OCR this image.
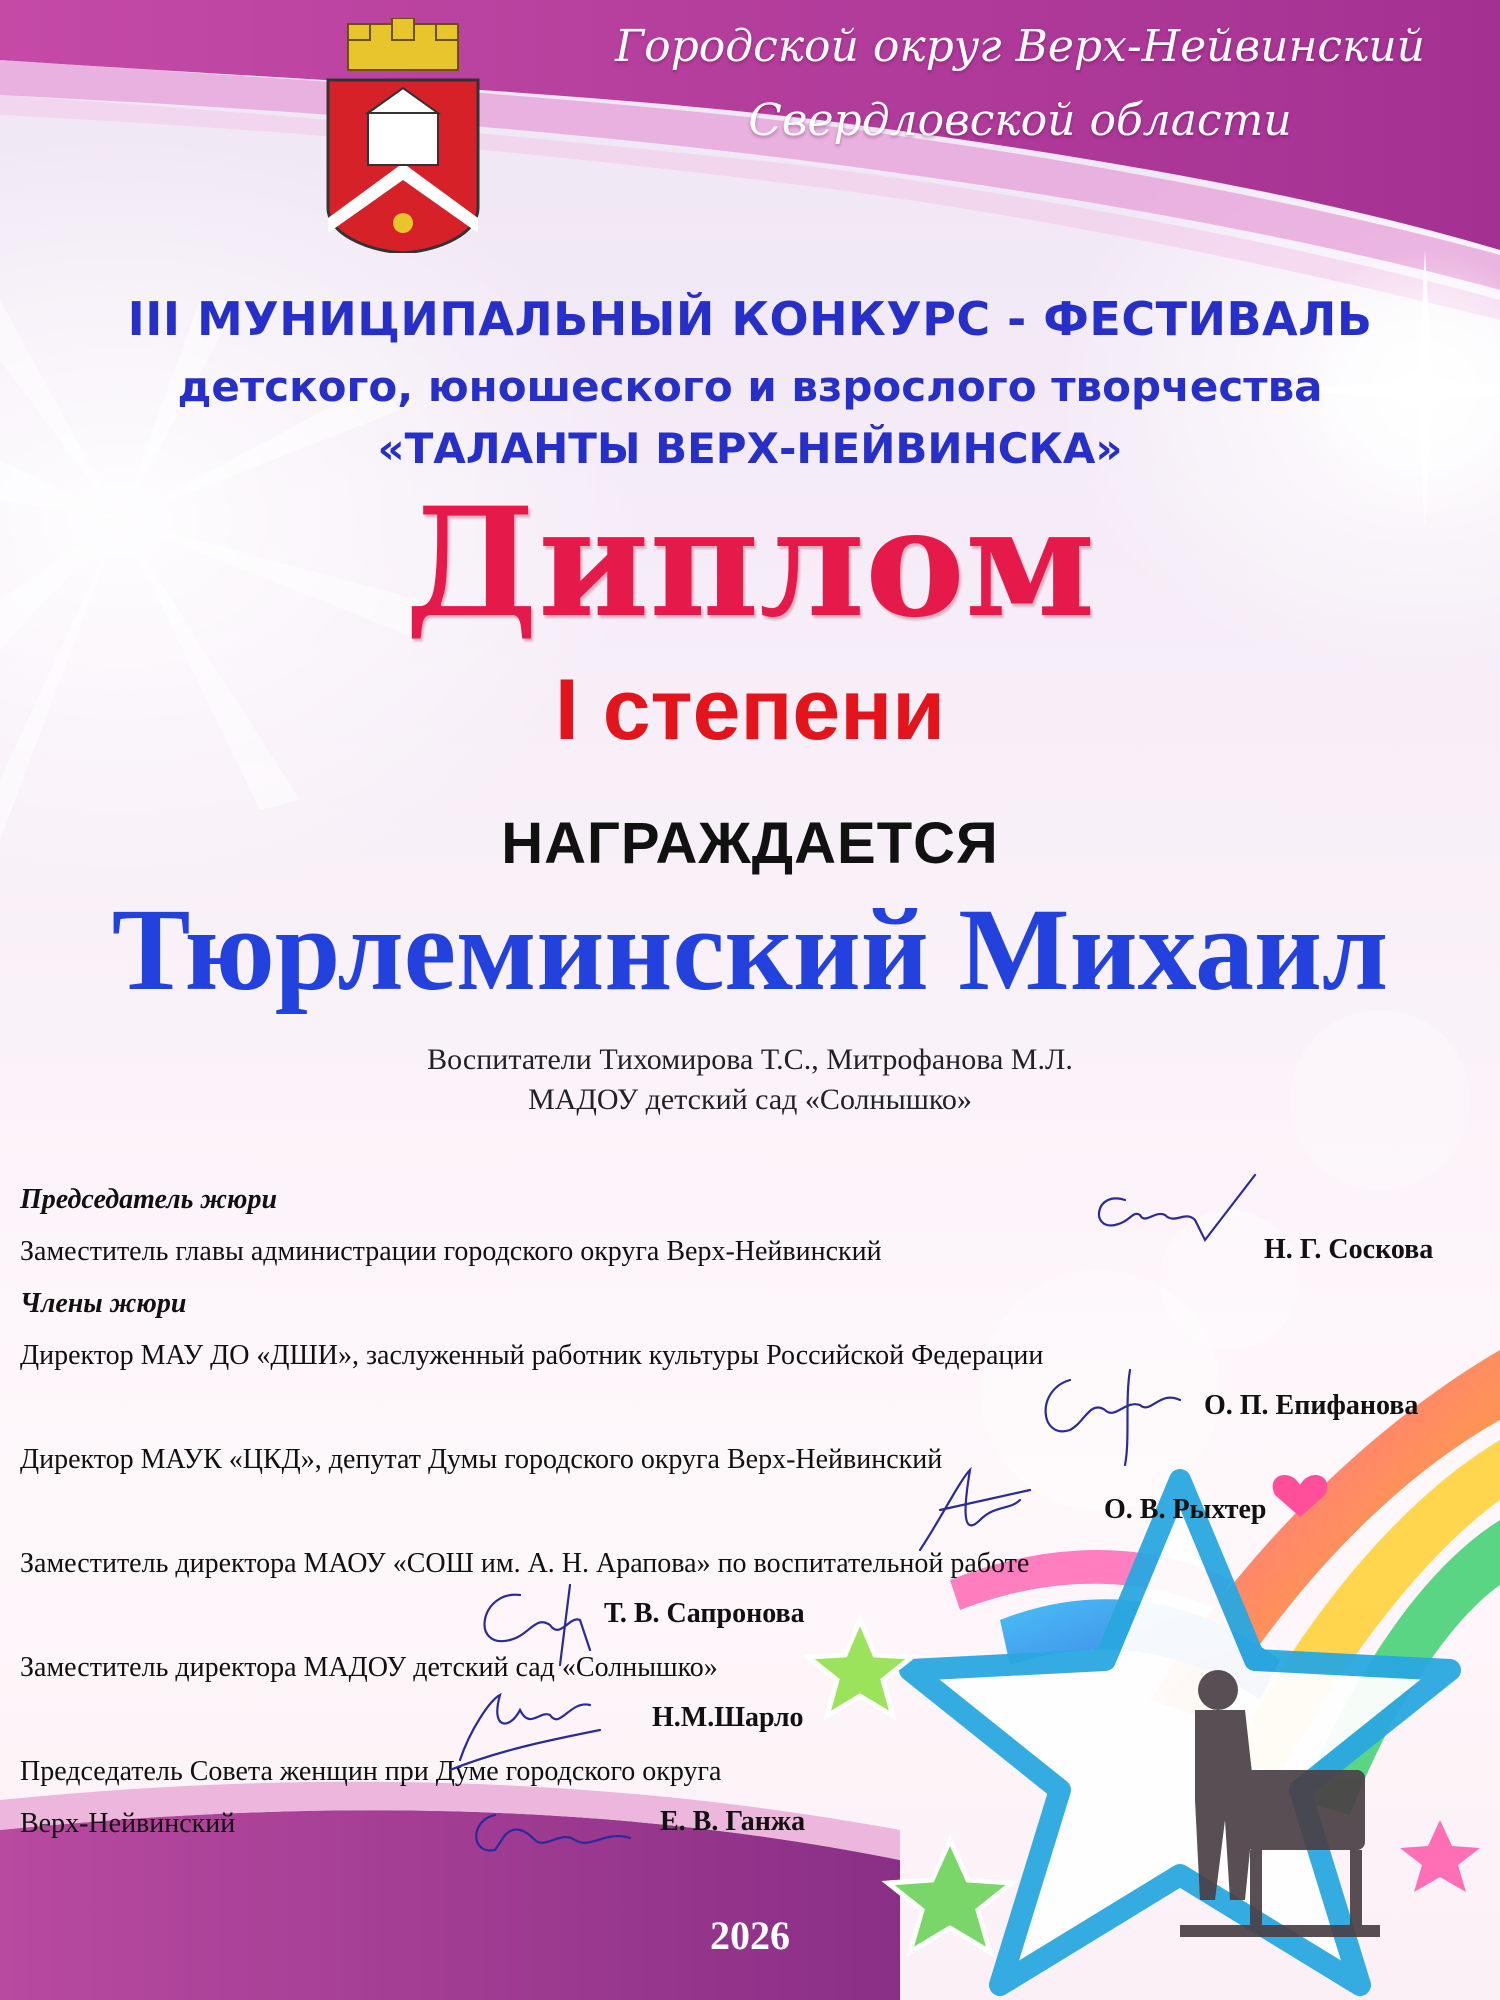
Городской округ Верх-Нейвинский
Свердловской области
III МУНИЦИПАЛЬНЫЙ КОНКУРС - ФЕСТИВАЛЬ
детского, юношеского и взрослого творчества
«ТАЛАНТЫ ВЕРХ-НЕЙВИНСКА»
Диплом
I степени
НАГРАЖДАЕТСЯ
Тюрлеминский Михаил
Воспитатели Тихомирова Т.С., Митрофанова М.Л.
МАДОУ детский сад «Солнышко»
Председатель жюри
Заместитель главы администрации городского округа Верх-Нейвинский	Н. Г. Соскова
Члены жюри
Директор МАУ ДО «ДШИ», заслуженный работник культуры Российской Федерации
О. П. Епифанова
Директор МАУК «ЦКД», депутат Думы городского округа Верх-Нейвинский
О. В. Рыхтер
Заместитель директора МАОУ «СОШ им. А. Н. Арапова» по воспитательной работе
Т. В. Сапронова
Заместитель директора МАДОУ детский сад «Солнышко»
Н.М.Шарло
Председатель Совета женщин при Думе городского округа
Верх-Нейвинский	Е. В. Ганжа
2026
